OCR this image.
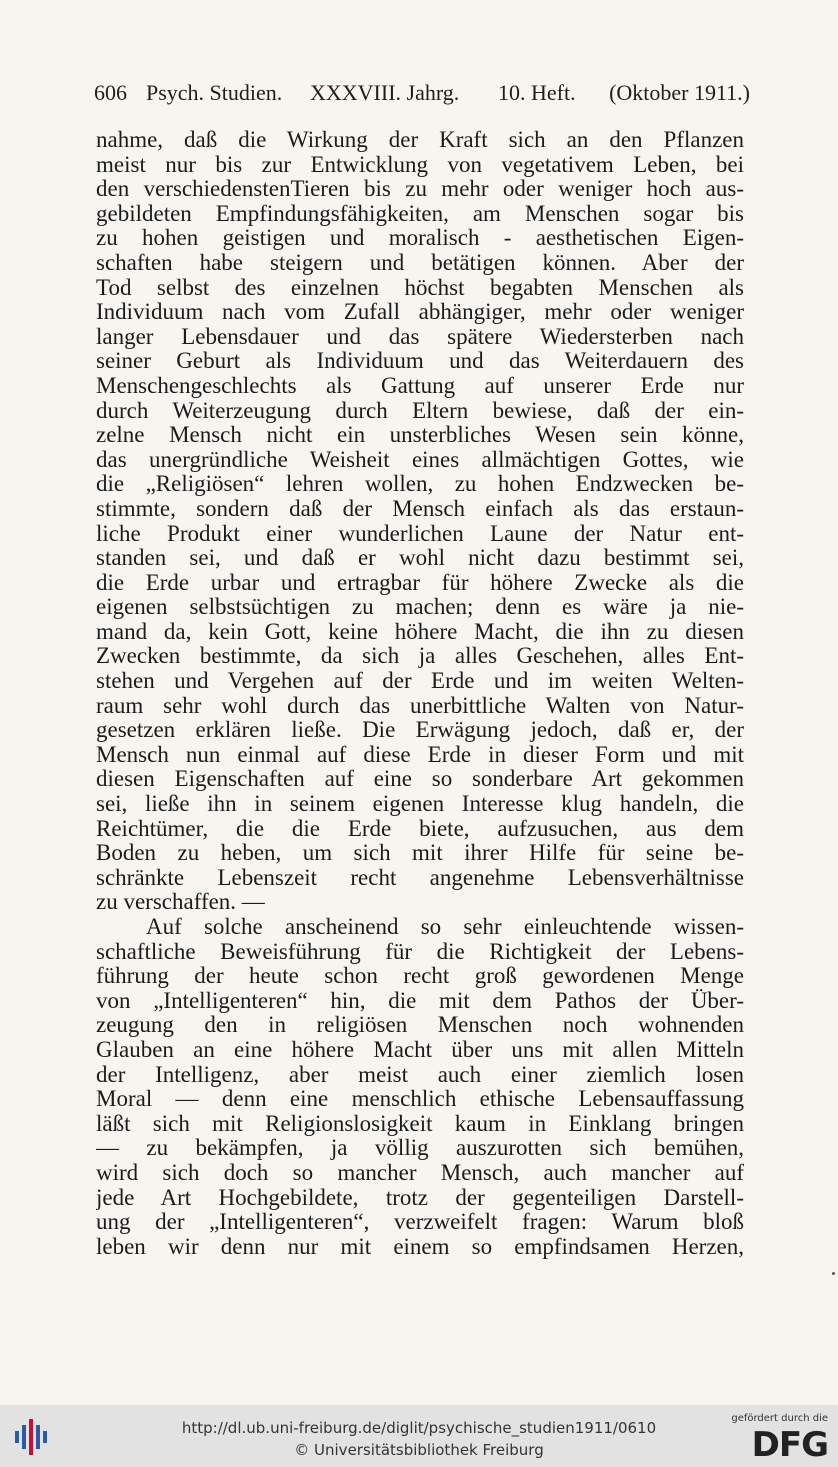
606 Psych. Studien. XXXVIII. Jahrg. 10. Heft. (Oktober 1911.)
nahme, daß die Wirkung der Kraft sich an den Pflanzen
meist nur bis zur Entwicklung von vegetativem Leben, bei
den verschiedenstenTieren bis zu mehr oder weniger hoch aus-
gebildeten Empfindungsfähigkeiten, am Menschen sogar bis
zu hohen geistigen und moralisch - aesthetischen Eigen-
schaften habe steigern und betätigen können. Aber der
Tod selbst des einzelnen höchst begabten Menschen als
Individuum nach vom Zufall abhängiger, mehr oder weniger
langer Lebensdauer und das spätere Wiedersterben nach
seiner Geburt als Individuum und das Weiterdauern des
Menschengeschlechts als Gattung auf unserer Erde nur
durch Weiterzeugung durch Eltern bewiese, daß der ein-
zelne Mensch nicht ein unsterbliches Wesen sein könne,
das unergründliche Weisheit eines allmächtigen Gottes, wie
die „Religiösen“ lehren wollen, zu hohen Endzwecken be-
stimmte, sondern daß der Mensch einfach als das erstaun-
liche Produkt einer wunderlichen Laune der Natur ent-
standen sei, und daß er wohl nicht dazu bestimmt sei,
die Erde urbar und ertragbar für höhere Zwecke als die
eigenen selbstsüchtigen zu machen; denn es wäre ja nie-
mand da, kein Gott, keine höhere Macht, die ihn zu diesen
Zwecken bestimmte, da sich ja alles Geschehen, alles Ent-
stehen und Vergehen auf der Erde und im weiten Welten-
raum sehr wohl durch das unerbittliche Walten von Natur-
gesetzen erklären ließe. Die Erwägung jedoch, daß er, der
Mensch nun einmal auf diese Erde in dieser Form und mit
diesen Eigenschaften auf eine so sonderbare Art gekommen
sei, ließe ihn in seinem eigenen Interesse klug handeln, die
Reichtümer, die die Erde biete, aufzusuchen, aus dem
Boden zu heben, um sich mit ihrer Hilfe für seine be-
schränkte Lebenszeit recht angenehme Lebensverhältnisse
zu verschaffen. —
Auf solche anscheinend so sehr einleuchtende wissen-
schaftliche Beweisführung für die Richtigkeit der Lebens-
führung der heute schon recht groß gewordenen Menge
von „Intelligenteren“ hin, die mit dem Pathos der Über-
zeugung den in religiösen Menschen noch wohnenden
Glauben an eine höhere Macht über uns mit allen Mitteln
der Intelligenz, aber meist auch einer ziemlich losen
Moral — denn eine menschlich ethische Lebensauffassung
läßt sich mit Religionslosigkeit kaum in Einklang bringen
— zu bekämpfen, ja völlig auszurotten sich bemühen,
wird sich doch so mancher Mensch, auch mancher auf
jede Art Hochgebildete, trotz der gegenteiligen Darstell-
ung der „Intelligenteren“, verzweifelt fragen: Warum bloß
leben wir denn nur mit einem so empfindsamen Herzen,
http://dl.ub.uni-freiburg.de/diglit/psychische_studien1911/0610
© Universitätsbibliothek Freiburg
gefördert durch die
DFG
